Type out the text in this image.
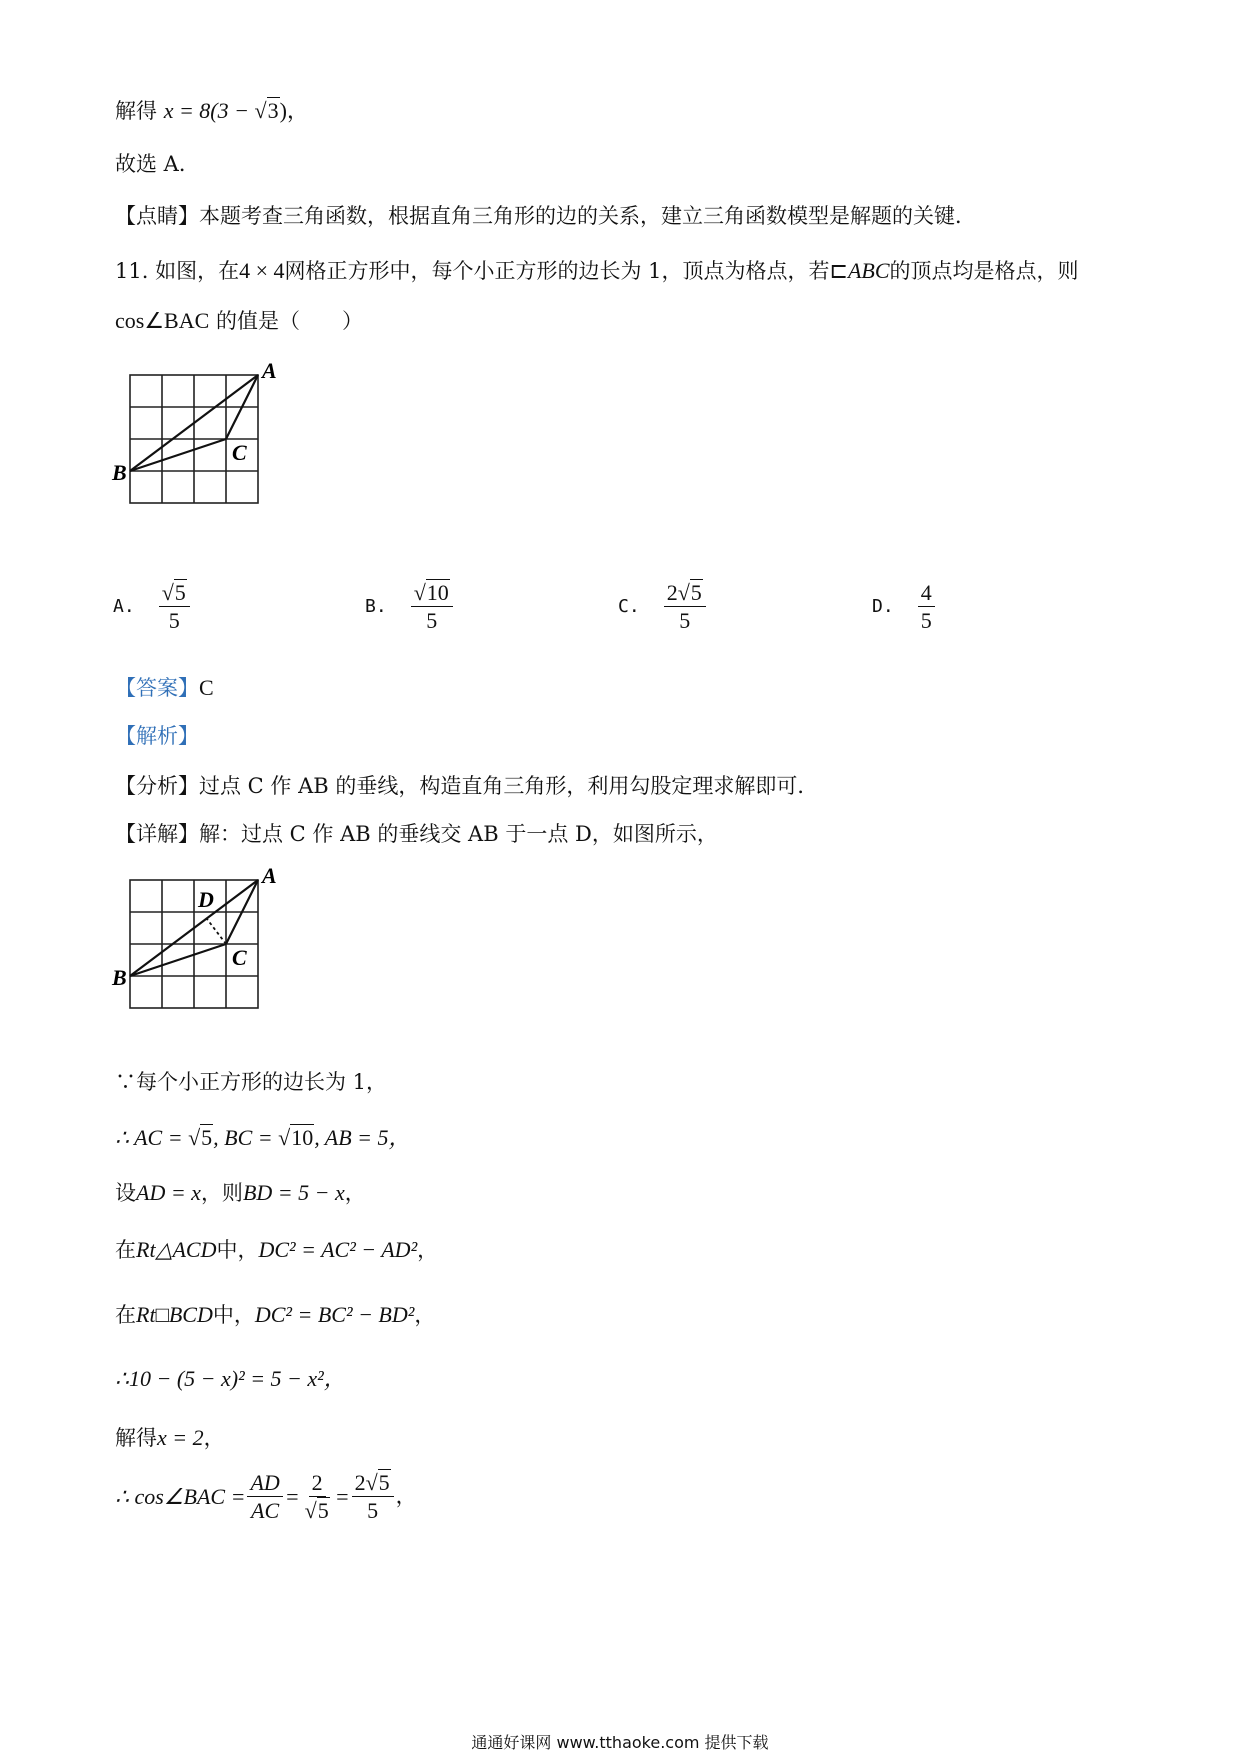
解得 x = 8(3 − √3)，
故选 A．
【点睛】本题考查三角函数，根据直角三角形的边的关系，建立三角函数模型是解题的关键．
11. 如图，在4 × 4网格正方形中，每个小正方形的边长为 1，顶点为格点，若⊏ABC的顶点均是格点，则
cos∠BAC 的值是（　　）
A
B
C
A. $\frac{√5}{5}$	B. $\frac{√10}{5}$	C. $\frac{2√5}{5}$	D. $\frac{4}{5}$
【答案】C
【解析】
【分析】过点 C 作 AB 的垂线，构造直角三角形，利用勾股定理求解即可．
【详解】解：过点 C 作 AB 的垂线交 AB 于一点 D，如图所示，
A
B
C
D
∵每个小正方形的边长为 1，
∴ AC = √5, BC = √10, AB = 5，
设AD = x，则BD = 5 − x，
在Rt△ACD中，DC² = AC² − AD²，
在Rt□BCD中，DC² = BC² − BD²，
∴10 − (5 − x)² = 5 − x²，
解得x = 2，
∴ cos∠BAC = $\frac{AD}{AC} = \frac{2}{√5} = \frac{2√5}{5}$ ，
通通好课网 www.tthaoke.com 提供下载
